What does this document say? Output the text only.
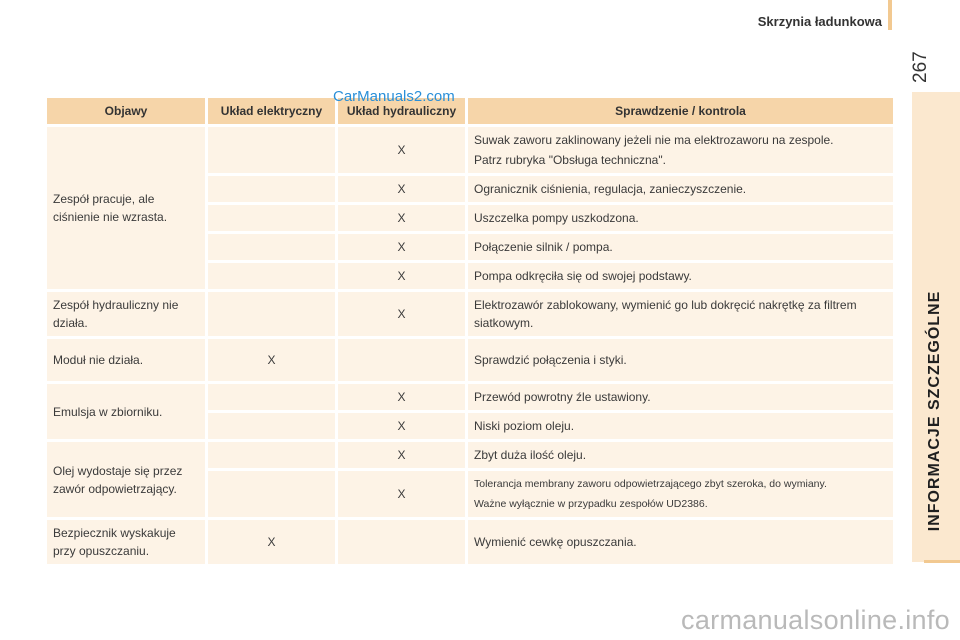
Skrzynia ładunkowa
267
INFORMACJE SZCZEGÓLNE
Objawy	Układ elektryczny	Układ hydrauliczny	Sprawdzenie / kontrola
Zespół pracuje, ale ciśnienie nie wzrasta.		X	Suwak zaworu zaklinowany jeżeli nie ma elektrozaworu na zespole.
Patrz rubryka "Obsługa techniczna".

		X	Ogranicznik ciśnienia, regulacja, zanieczyszczenie.

		X	Uszczelka pompy uszkodzona.

		X	Połączenie silnik / pompa.

		X	Pompa odkręciła się od swojej podstawy.

Zespół hydrauliczny nie działa.		X	Elektrozawór zablokowany, wymienić go lub dokręcić nakrętkę za filtrem siatkowym.

Moduł nie działa.	X		Sprawdzić połączenia i styki.

Emulsja w zbiorniku.		X	Przewód powrotny źle ustawiony.

		X	Niski poziom oleju.

Olej wydostaje się przez zawór odpowietrzający.		X	Zbyt duża ilość oleju.

		X	Tolerancja membrany zaworu odpowietrzającego zbyt szeroka, do wymiany.
Ważne wyłącznie w przypadku zespołów UD2386.

Bezpiecznik wyskakuje przy opuszczaniu.	X		Wymienić cewkę opuszczania.
CarManuals2.com
carmanualsonline.info
